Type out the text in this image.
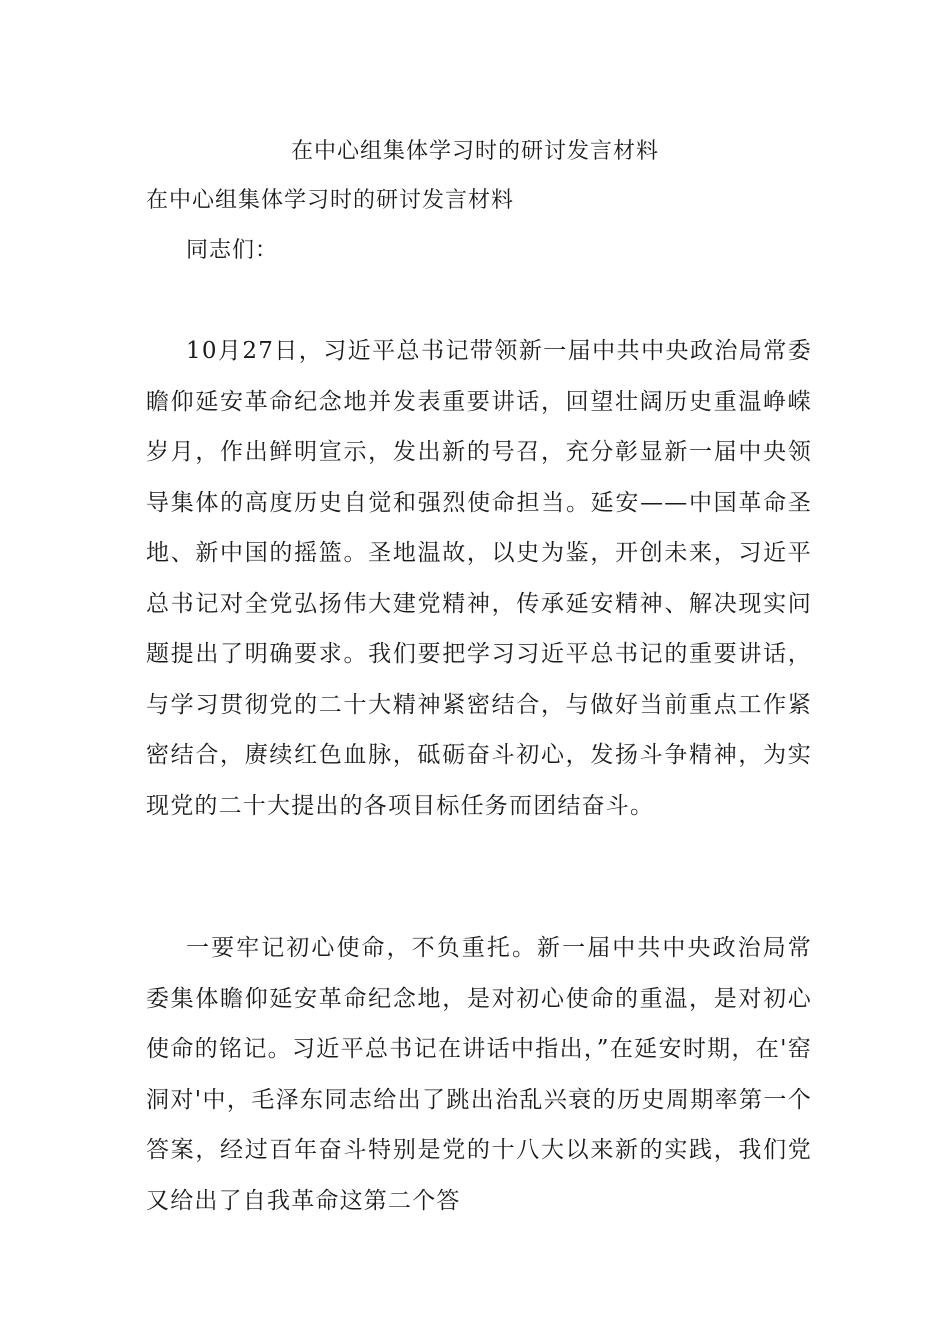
在中心组集体学习时的研讨发言材料
在中心组集体学习时的研讨发言材料
同志们：

10月27日，习近平总书记带领新一届中共中央政治局常委瞻仰延安革命纪念地并发表重要讲话，回望壮阔历史重温峥嵘岁月，作出鲜明宣示，发出新的号召，充分彰显新一届中央领导集体的高度历史自觉和强烈使命担当。延安——中国革命圣地、新中国的摇篮。圣地温故，以史为鉴，开创未来，习近平总书记对全党弘扬伟大建党精神，传承延安精神、解决现实问题提出了明确要求。我们要把学习习近平总书记的重要讲话，与学习贯彻党的二十大精神紧密结合，与做好当前重点工作紧密结合，赓续红色血脉，砥砺奋斗初心，发扬斗争精神，为实现党的二十大提出的各项目标任务而团结奋斗。

一要牢记初心使命，不负重托。新一届中共中央政治局常委集体瞻仰延安革命纪念地，是对初心使命的重温，是对初心使命的铭记。习近平总书记在讲话中指出，”在延安时期，在'窑洞对'中，毛泽东同志给出了跳出治乱兴衰的历史周期率第一个答案，经过百年奋斗特别是党的十八大以来新的实践，我们党又给出了自我革命这第二个答
